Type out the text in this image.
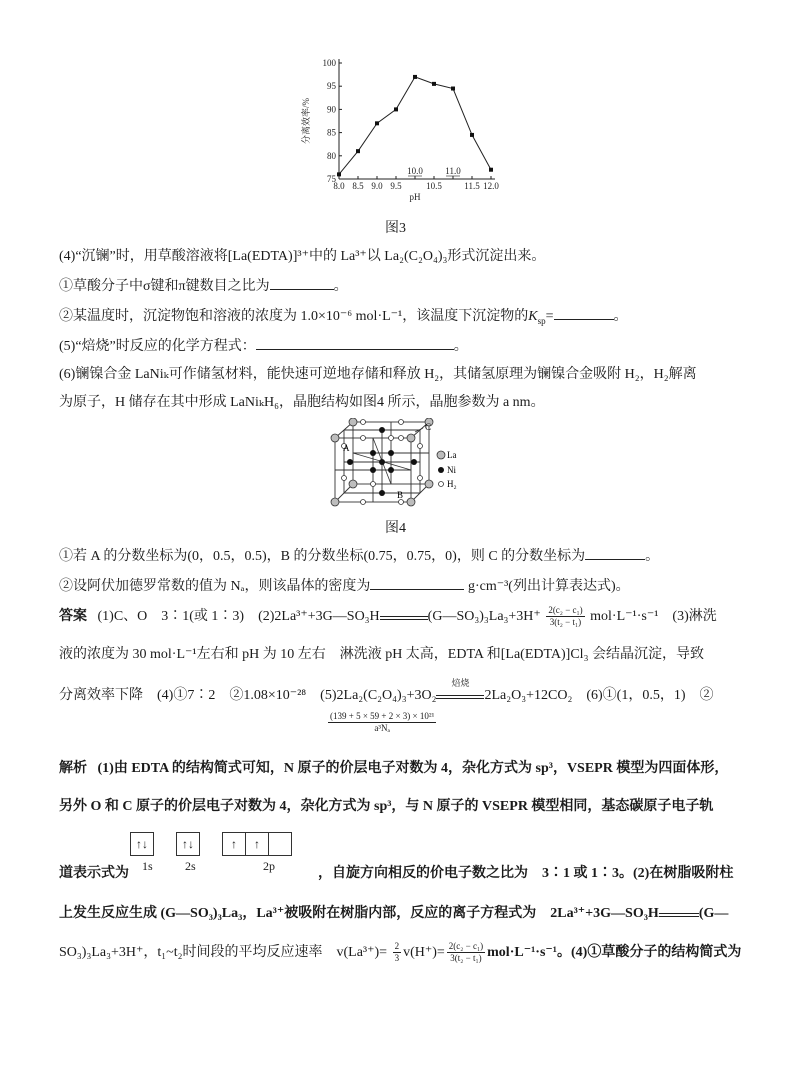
75
80
85
90
95
100
8.0 8.5 9.0 9.5	10.5 11.5 12.0
10.0 11.0
pH
分离效率/%
图3
(4)“沉镧”时，用草酸溶液将[La(EDTA)]³⁺中的 La³⁺以 La₂(C₂O₄)₃形式沉淀出来。
①草酸分子中σ键和π键数目之比为	。
②某温度时，沉淀物饱和溶液的浓度为 1.0×10⁻⁶ mol·L⁻¹，该温度下沉淀物的$K_{sp}=$	。
(5)“焙烧”时反应的化学方程式：	。
(6)镧镍合金 LaNiₖ可作储氢材料，能快速可逆地存储和释放 H₂，其储氢原理为镧镍合金吸附 H₂，H₂解离
为原子，H 储存在其中形成 LaNiₖH₆，晶胞结构如图4 所示，晶胞参数为 a nm。
A
B
C
La
Ni
H₂
图4
①若 A 的分数坐标为(0，0.5，0.5)，B 的分数坐标(0.75，0.75，0)，则 C 的分数坐标为	。
②设阿伏加德罗常数的值为 Nₐ，则该晶体的密度为	g·cm⁻³(列出计算表达式)。
答案 (1)C、O　3∶1(或 1∶3)　(2)2La³⁺+3G—SO₃H	(G—SO₃)₃La₃+3H⁺ $\frac{\text{2(c₂ − c₁)}}{\text{3(t₂ − t₁)}} mol\cdot L^{-1}\cdot s^{-1}$　(3)淋洗
液的浓度为 30 mol·L⁻¹左右和 pH 为 10 左右　淋洗液 pH 太高，EDTA 和[La(EDTA)]Cl₃ 会结晶沉淀，导致
分离效率下降　(4)①7∶2　②1.08×10⁻²⁸　(5)2La₂(C₂O₄)₃+3O₂
焙烧
2La₂O₃+12CO₂　(6)①(1，0.5，1)　②
$\frac{\text{(139 + 5 × 59 + 2 × 3) × 10²¹}}{\text{a³Nₐ}}$
解析 (1)由 EDTA 的结构简式可知，N 原子的价层电子对数为 4，杂化方式为 sp³，VSEPR 模型为四面体形，
另外 O 和 C 原子的价层电子对数为 4，杂化方式为 sp³，与 N 原子的 VSEPR 模型相同，基态碳原子电子轨
↑↓	↑↓	↑ ↑
1s	2s	2p
道表示式为	，自旋方向相反的价电子数之比为　3∶1 或 1∶3。(2)在树脂吸附柱
上发生反应生成 (G—SO₃)₃La₃，La³⁺被吸附在树脂内部，反应的离子方程式为　2La³⁺+3G—SO₃H	(G—
SO₃)₃La₃+3H⁺，t₁~t₂时间段的平均反应速率　$v(La^{3+})= \frac{2}{3} v(H^+)= \frac{\text{2(c₂ − c₁)}}{\text{3(t₂ − t₁)}} mol\cdot L^{-1}\cdot s^{-1}$。(4)①草酸分子的结构简式为
